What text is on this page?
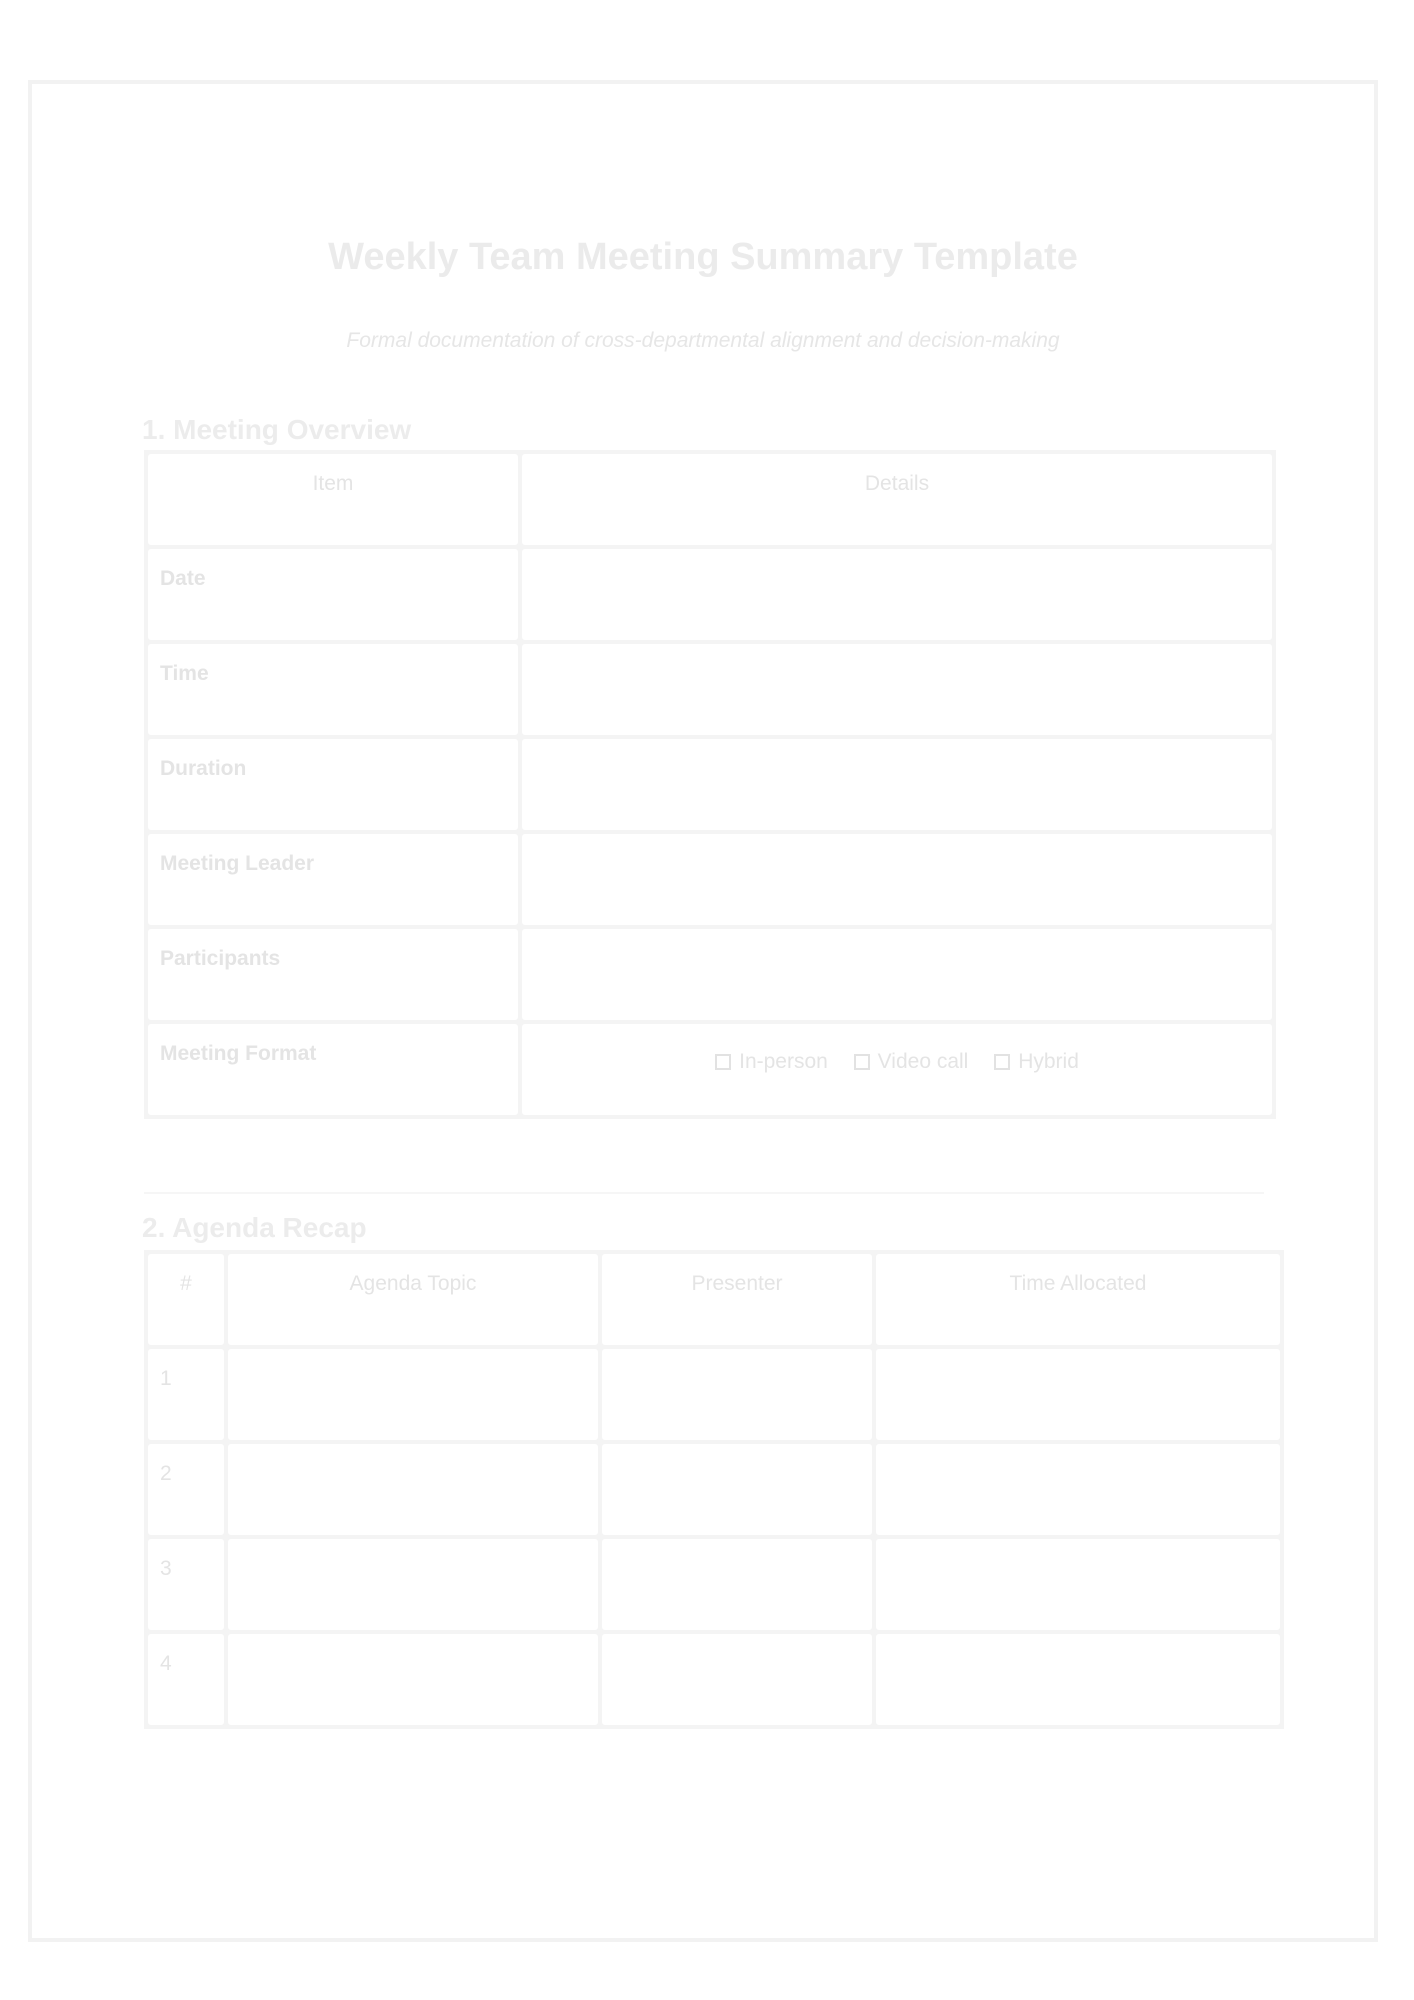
Weekly Team Meeting Summary Template

Formal documentation of cross-departmental alignment and decision-making

1. Meeting Overview
Item	Details
Date	
Time	
Duration	
Meeting Leader	
Participants	
Meeting Format	In-person Video call Hybrid
2. Agenda Recap
#	Agenda Topic	Presenter	Time Allocated
1			
2			
3			
4			
